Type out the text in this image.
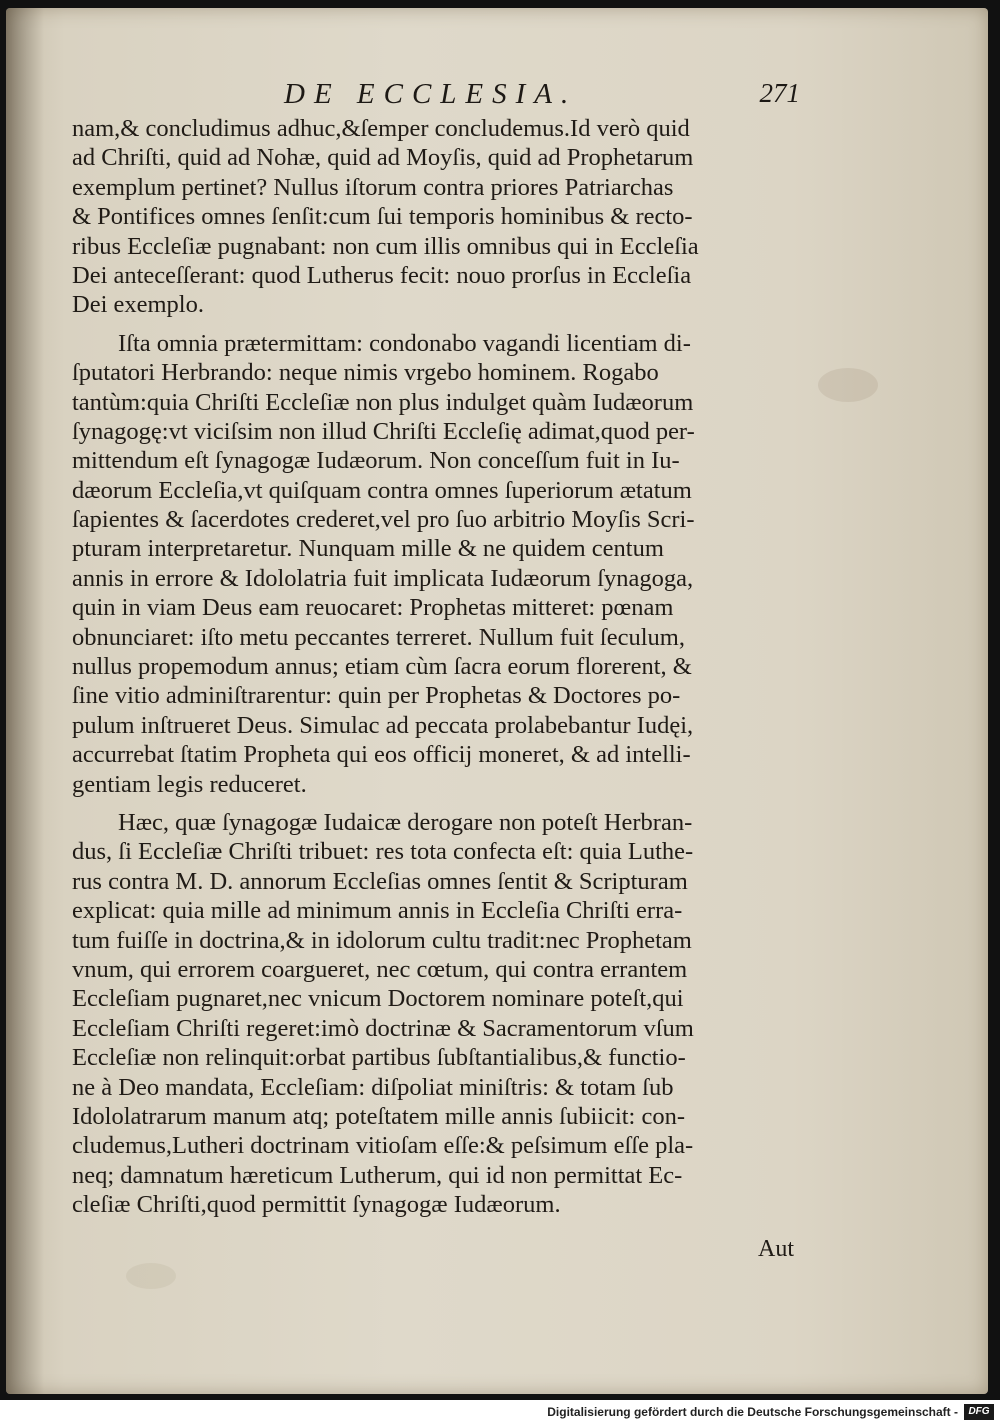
DE ECCLESIA.	271

nam,& concludimus adhuc,&ſemper concludemus.Id verò quid
ad Chriſti, quid ad Nohæ, quid ad Moyſis, quid ad Prophetarum
exemplum pertinet? Nullus iſtorum contra priores Patriarchas
& Pontifices omnes ſenſit:cum ſui temporis hominibus & recto-
ribus Eccleſiæ pugnabant: non cum illis omnibus qui in Eccleſia
Dei anteceſſerant: quod Lutherus fecit: nouo prorſus in Eccleſia
Dei exemplo.

Iſta omnia prætermittam: condonabo vagandi licentiam di-
ſputatori Herbrando: neque nimis vrgebo hominem. Rogabo
tantùm:quia Chriſti Eccleſiæ non plus indulget quàm Iudæorum
ſynagogę:vt viciſsim non illud Chriſti Eccleſię adimat,quod per-
mittendum eſt ſynagogæ Iudæorum. Non conceſſum fuit in Iu-
dæorum Eccleſia,vt quiſquam contra omnes ſuperiorum ætatum
ſapientes & ſacerdotes crederet,vel pro ſuo arbitrio Moyſis Scri-
pturam interpretaretur. Nunquam mille & ne quidem centum
annis in errore & Idololatria fuit implicata Iudæorum ſynagoga,
quin in viam Deus eam reuocaret: Prophetas mitteret: pœnam
obnunciaret: iſto metu peccantes terreret. Nullum fuit ſeculum,
nullus propemodum annus; etiam cùm ſacra eorum florerent, &
ſine vitio adminiſtrarentur: quin per Prophetas & Doctores po-
pulum inſtrueret Deus. Simulac ad peccata prolabebantur Iudęi,
accurrebat ſtatim Propheta qui eos officij moneret, & ad intelli-
gentiam legis reduceret.

Hæc, quæ ſynagogæ Iudaicæ derogare non poteſt Herbran-
dus, ſi Eccleſiæ Chriſti tribuet: res tota confecta eſt: quia Luthe-
rus contra M. D. annorum Eccleſias omnes ſentit & Scripturam
explicat: quia mille ad minimum annis in Eccleſia Chriſti erra-
tum fuiſſe in doctrina,& in idolorum cultu tradit:nec Prophetam
vnum, qui errorem coargueret, nec cœtum, qui contra errantem
Eccleſiam pugnaret,nec vnicum Doctorem nominare poteſt,qui
Eccleſiam Chriſti regeret:imò doctrinæ & Sacramentorum vſum
Eccleſiæ non relinquit:orbat partibus ſubſtantialibus,& functio-
ne à Deo mandata, Eccleſiam: diſpoliat miniſtris: & totam ſub
Idololatrarum manum atq; poteſtatem mille annis ſubiicit: con-
cludemus,Lutheri doctrinam vitioſam eſſe:& peſsimum eſſe pla-
neq; damnatum hæreticum Lutherum, qui id non permittat Ec-
cleſiæ Chriſti,quod permittit ſynagogæ Iudæorum.

Aut
Digitalisierung gefördert durch die Deutsche Forschungsgemeinschaft -	DFG
